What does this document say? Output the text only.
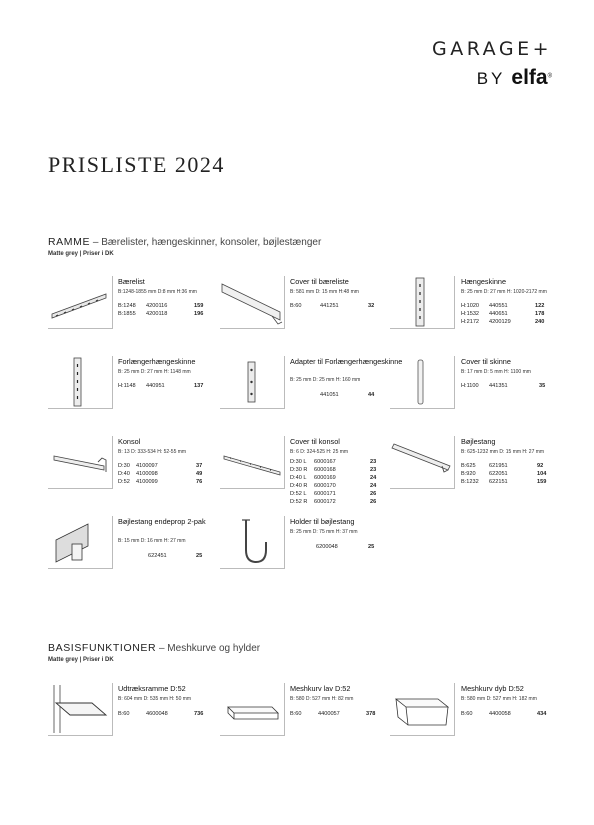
GARAGE+
BY elfa®
PRISLISTE 2024
RAMME – Bærelister, hængeskinner, konsoler, bøjlestænger
Matte grey | Priser i DK
BASISFUNKTIONER – Meshkurve og hylder
Matte grey | Priser i DK
Bærelist
B:1248-1855 mm D:8 mm H:36 mm
B:1248 4200116	159
B:1855 4200118	196
Cover til bæreliste
B: 581 mm D: 15 mm H:48 mm
B:60	441251	32
Hængeskinne
B: 25 mm D: 27 mm H: 1020-2172 mm
H:1020 440551	122
H:1532 440651	178
H:2172 4200129	240
Forlængerhængeskinne
B: 25 mm D: 27 mm H: 1148 mm
H:1148 440951	137
Adapter til Forlængerhængeskinne
B: 25 mm D: 25 mm H: 160 mm
441051	44
Cover til skinne
B: 17 mm D: 5 mm H: 1100 mm
H:1100 441351	35
Konsol
B: 13 D: 333-534 H: 52-55 mm
D:30 4100097	37
D:40 4100098	49
D:52 4100099	76
Cover til konsol
B: 6 D: 324-525 H: 25 mm
D:30 L 6000167	23
D:30 R 6000168	23
D:40 L 6000169	24
D:40 R 6000170	24
D:52 L 6000171	26
D:52 R 6000172	26
Bøjlestang
B: 625-1232 mm D: 15 mm H: 27 mm
B:625 621951	92
B:920 622051	104
B:1232 622151	159
Bøjlestang endeprop 2-pak
B: 15 mm D: 16 mm H: 27 mm
622451	25
Holder til bøjlestang
B: 25 mm D: 75 mm H: 37 mm
6200048	25
Udtræksramme D:52
B: 604 mm D: 535 mm H: 50 mm
B:60	4600048	736
Meshkurv lav D:52
B: 580 D: 527 mm H: 82 mm
B:60	4400057	378
Meshkurv dyb D:52
B: 580 mm D: 527 mm H: 182 mm
B:60	4400058	434
